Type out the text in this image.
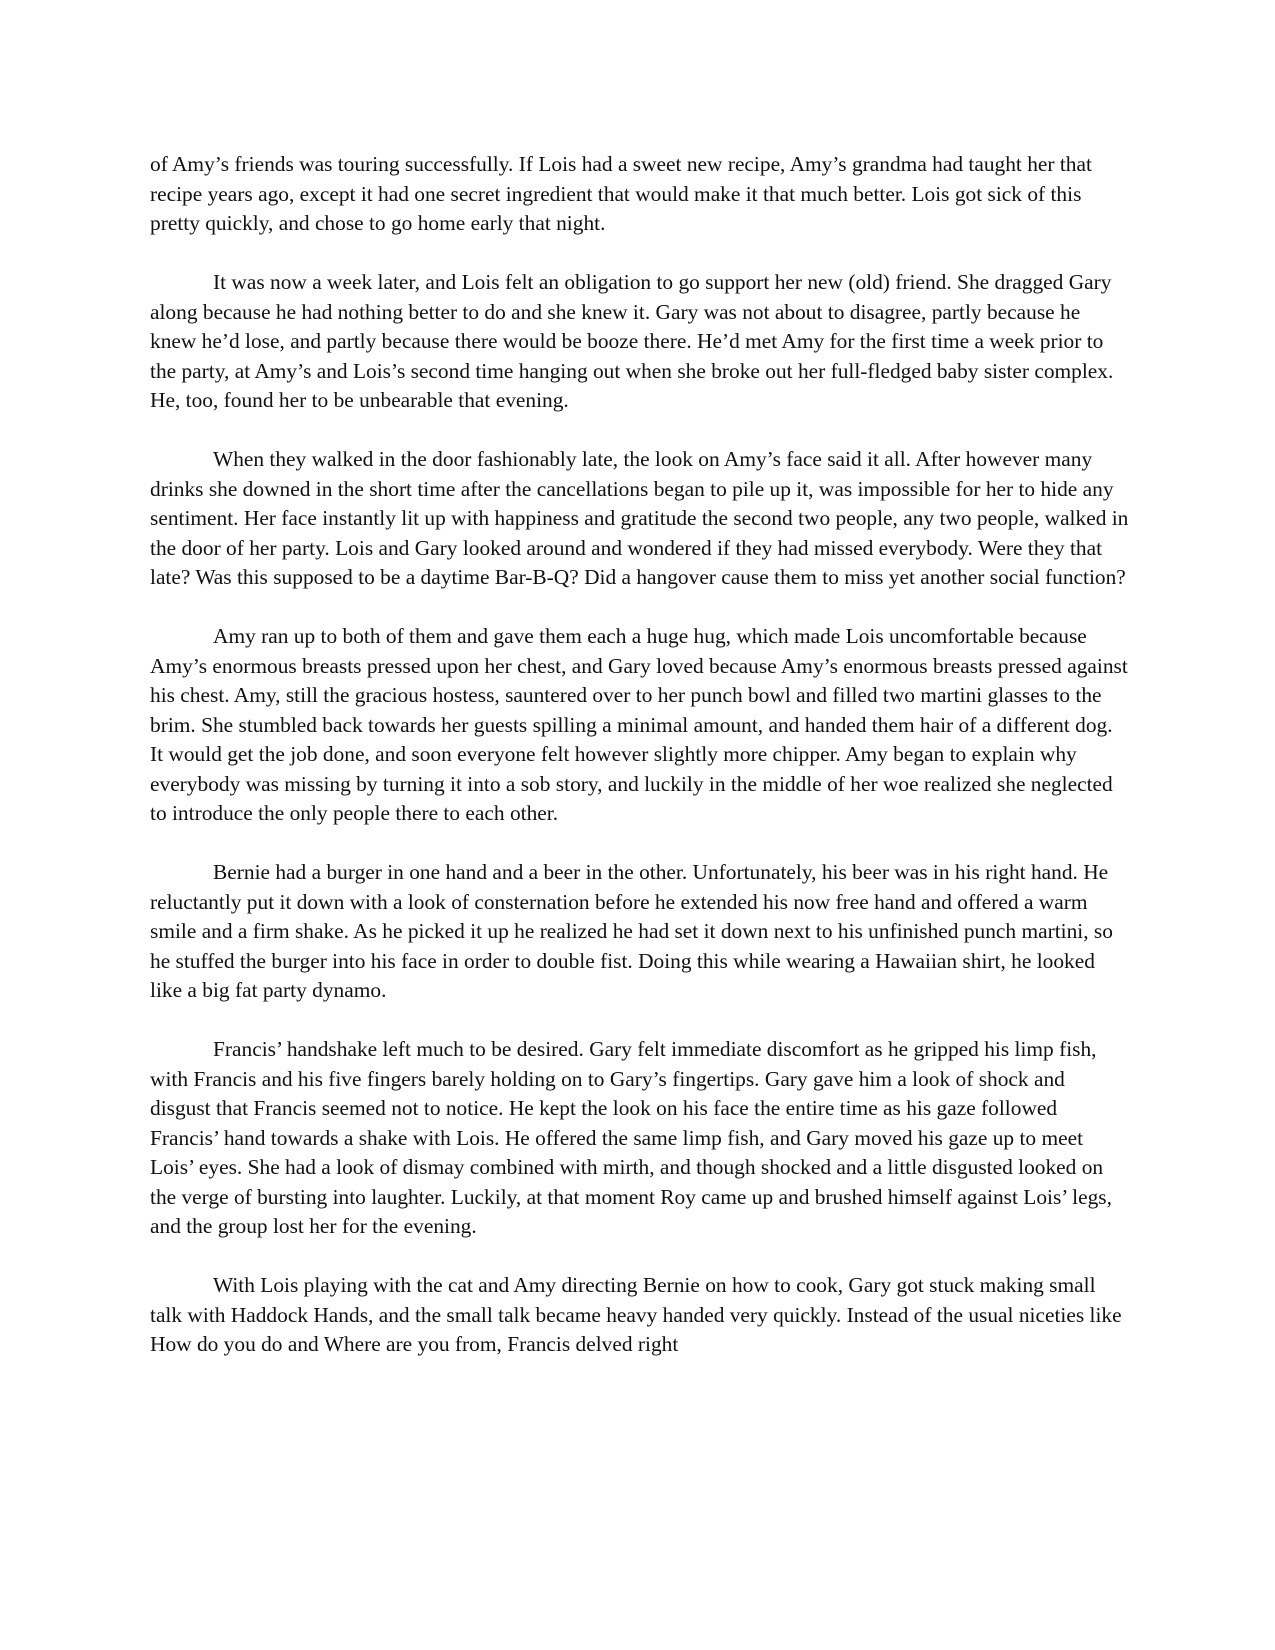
of Amy’s friends was touring successfully. If Lois had a sweet new recipe, Amy’s grandma had taught her that recipe years ago, except it had one secret ingredient that would make it that much better. Lois got sick of this pretty quickly, and chose to go home early that night.

It was now a week later, and Lois felt an obligation to go support her new (old) friend. She dragged Gary along because he had nothing better to do and she knew it. Gary was not about to disagree, partly because he knew he’d lose, and partly because there would be booze there. He’d met Amy for the first time a week prior to the party, at Amy’s and Lois’s second time hanging out when she broke out her full-fledged baby sister complex. He, too, found her to be unbearable that evening.

When they walked in the door fashionably late, the look on Amy’s face said it all. After however many drinks she downed in the short time after the cancellations began to pile up it, was impossible for her to hide any sentiment. Her face instantly lit up with happiness and gratitude the second two people, any two people, walked in the door of her party. Lois and Gary looked around and wondered if they had missed everybody. Were they that late? Was this supposed to be a daytime Bar-B-Q? Did a hangover cause them to miss yet another social function?

Amy ran up to both of them and gave them each a huge hug, which made Lois uncomfortable because Amy’s enormous breasts pressed upon her chest, and Gary loved because Amy’s enormous breasts pressed against his chest. Amy, still the gracious hostess, sauntered over to her punch bowl and filled two martini glasses to the brim. She stumbled back towards her guests spilling a minimal amount, and handed them hair of a different dog. It would get the job done, and soon everyone felt however slightly more chipper. Amy began to explain why everybody was missing by turning it into a sob story, and luckily in the middle of her woe realized she neglected to introduce the only people there to each other.

Bernie had a burger in one hand and a beer in the other. Unfortunately, his beer was in his right hand. He reluctantly put it down with a look of consternation before he extended his now free hand and offered a warm smile and a firm shake. As he picked it up he realized he had set it down next to his unfinished punch martini, so he stuffed the burger into his face in order to double fist. Doing this while wearing a Hawaiian shirt, he looked like a big fat party dynamo.

Francis’ handshake left much to be desired. Gary felt immediate discomfort as he gripped his limp fish, with Francis and his five fingers barely holding on to Gary’s fingertips. Gary gave him a look of shock and disgust that Francis seemed not to notice. He kept the look on his face the entire time as his gaze followed Francis’ hand towards a shake with Lois. He offered the same limp fish, and Gary moved his gaze up to meet Lois’ eyes. She had a look of dismay combined with mirth, and though shocked and a little disgusted looked on the verge of bursting into laughter. Luckily, at that moment Roy came up and brushed himself against Lois’ legs, and the group lost her for the evening.

With Lois playing with the cat and Amy directing Bernie on how to cook, Gary got stuck making small talk with Haddock Hands, and the small talk became heavy handed very quickly. Instead of the usual niceties like How do you do and Where are you from, Francis delved right
